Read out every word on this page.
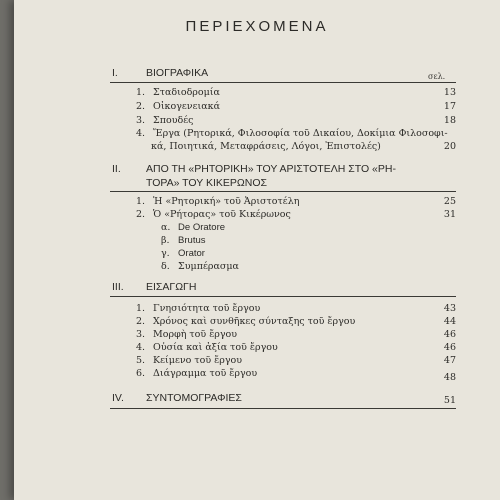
ΠΕΡΙΕΧΟΜΕΝΑ
I.	ΒΙΟΓΡΑΦΙΚΑ	σελ.
1. Σταδιοδρομία	13
2. Οἰκογενειακά	17
3. Σπουδές	18
4. Ἔργα (Ρητορικά, Φιλοσοφία τοῦ Δικαίου, Δοκίμια Φιλοσοφι-
κά, Ποιητικά, Μεταφράσεις, Λόγοι, Ἐπιστολές)	20
II. ΑΠΟ ΤΗ «ΡΗΤΟΡΙΚΗ» ΤΟΥ ΑΡΙΣΤΟΤΕΛΗ ΣΤΟ «ΡΗ-
ΤΟΡΑ» ΤΟΥ ΚΙΚΕΡΩΝΟΣ
1. Ἡ «Ρητορική» τοῦ Ἀριστοτέλη	25
2. Ὁ «Ρήτορας» τοῦ Κικέρωνος	31
α. De Oratore
β. Brutus
γ. Orator
δ. Συμπέρασμα
III. ΕΙΣΑΓΩΓΗ
1. Γνησιότητα τοῦ ἔργου	43
2. Χρόνος καὶ συνθῆκες σύνταξης τοῦ ἔργου	44
3. Μορφὴ τοῦ ἔργου	46
4. Οὐσία καὶ ἀξία τοῦ ἔργου	46
5. Κείμενο τοῦ ἔργου	47
6. Διάγραμμα τοῦ ἔργου	48
IV. ΣΥΝΤΟΜΟΓΡΑΦΙΕΣ	51
